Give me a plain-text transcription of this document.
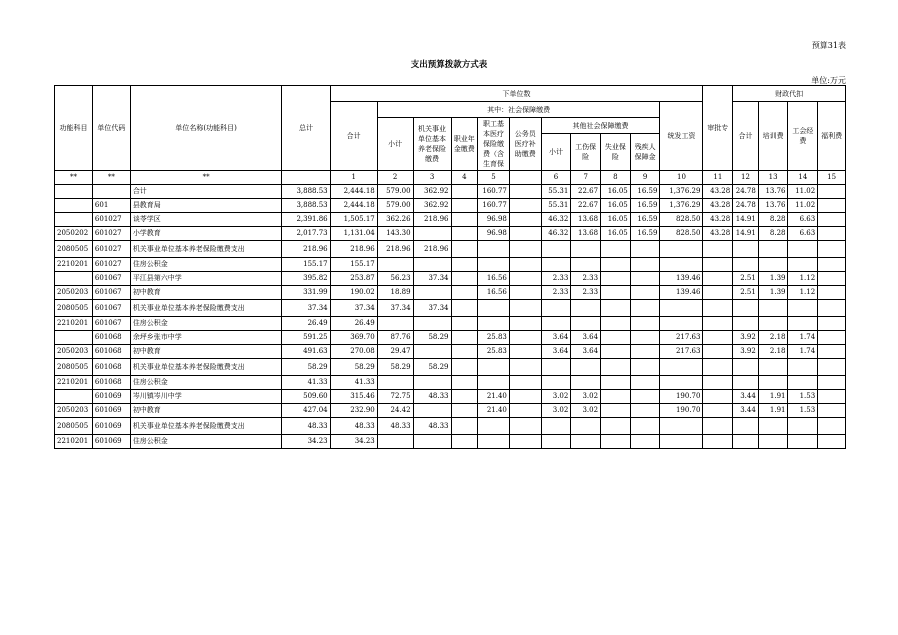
预算31表
支出预算拨款方式表
单位:万元
功能科目	单位代码	单位名称(功能科目)	总计	下单位数											审批专	财政代扣			
				合计	其中：社会保障缴费									统发工资		合计	培训费	工会经费	福利费
					小计	机关事业单位基本养老保险缴费	职业年金缴费	职工基本医疗保险缴费（含生育保	公务员医疗补助缴费	其他社会保障缴费									
										小计	工伤保险	失业保险	残疾人保障金						
**	**	**		1	2	3	4	5		6	7	8	9	10	11	12	13	14	15
		合计	3,888.53	2,444.18	579.00	362.92		160.77		55.31	22.67	16.05	16.59	1,376.29	43.28	24.78	13.76	11.02	
	601	县教育局	3,888.53	2,444.18	579.00	362.92		160.77		55.31	22.67	16.05	16.59	1,376.29	43.28	24.78	13.76	11.02	
	601027	谈苓学区	2,391.86	1,505.17	362.26	218.96		96.98		46.32	13.68	16.05	16.59	828.50	43.28	14.91	8.28	6.63	
2050202	601027	小学教育	2,017.73	1,131.04	143.30			96.98		46.32	13.68	16.05	16.59	828.50	43.28	14.91	8.28	6.63	
2080505	601027	机关事业单位基本养老保险缴费支出	218.96	218.96	218.96	218.96													
2210201	601027	住房公积金	155.17	155.17															
	601067	平江县第六中学	395.82	253.87	56.23	37.34		16.56		2.33	2.33			139.46		2.51	1.39	1.12	
2050203	601067	初中教育	331.99	190.02	18.89			16.56		2.33	2.33			139.46		2.51	1.39	1.12	
2080505	601067	机关事业单位基本养老保险缴费支出	37.34	37.34	37.34	37.34													
2210201	601067	住房公积金	26.49	26.49															
	601068	余坪乡张市中学	591.25	369.70	87.76	58.29		25.83		3.64	3.64			217.63		3.92	2.18	1.74	
2050203	601068	初中教育	491.63	270.08	29.47			25.83		3.64	3.64			217.63		3.92	2.18	1.74	
2080505	601068	机关事业单位基本养老保险缴费支出	58.29	58.29	58.29	58.29													
2210201	601068	住房公积金	41.33	41.33															
	601069	岑川镇岑川中学	509.60	315.46	72.75	48.33		21.40		3.02	3.02			190.70		3.44	1.91	1.53	
2050203	601069	初中教育	427.04	232.90	24.42			21.40		3.02	3.02			190.70		3.44	1.91	1.53	
2080505	601069	机关事业单位基本养老保险缴费支出	48.33	48.33	48.33	48.33													
2210201	601069	住房公积金	34.23	34.23															
